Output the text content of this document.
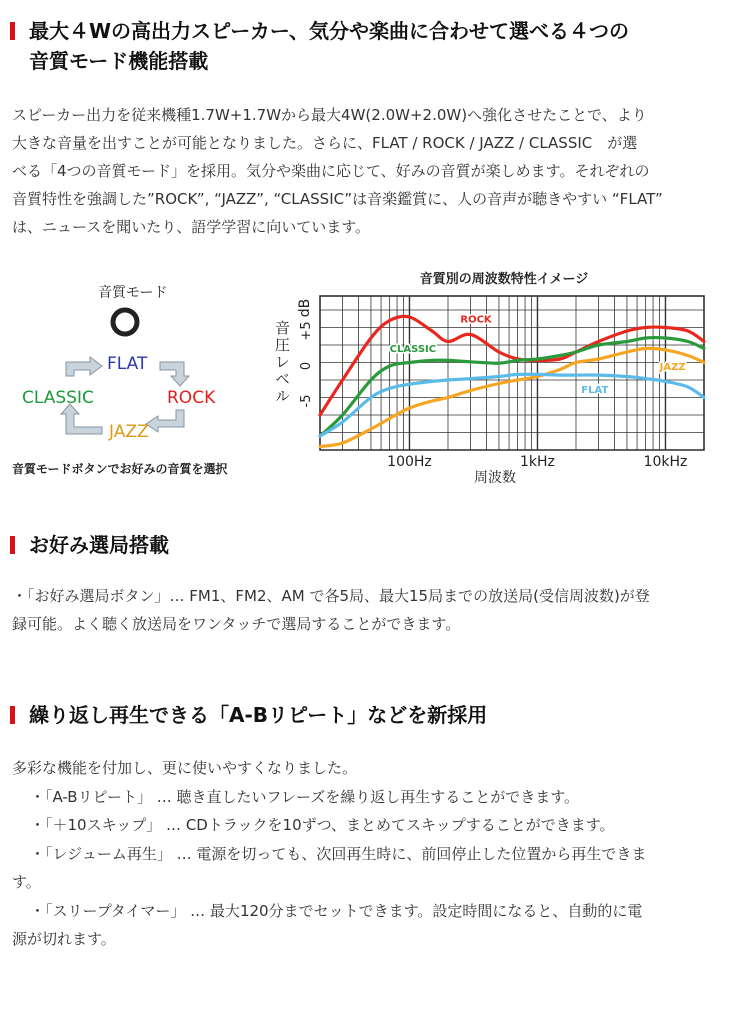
最大４Wの高出力スピーカー、気分や楽曲に合わせて選べる４つの
音質モード機能搭載

スピーカー出力を従来機種1.7W+1.7Wから最大4W(2.0W+2.0W)へ強化させたことで、より

大きな音量を出すことが可能となりました。さらに、FLAT / ROCK / JAZZ / CLASSIC　が選

べる「4つの音質モード」を採用。気分や楽曲に応じて、好みの音質が楽しめます。それぞれの

音質特性を強調した”ROCK”, “JAZZ”, “CLASSIC”は音楽鑑賞に、人の音声が聴きやすい “FLAT”

は、ニュースを聞いたり、語学学習に向いています。

音質モード
FLAT
ROCK
JAZZ
CLASSIC
音質モードボタンでお好みの音質を選択
音質別の周波数特性イメージ
ROCK
CLASSIC
JAZZ
FLAT
+5
0
-5
100Hz	1kHz	10kHz
dB
音圧レベル
周波数
お好み選局搭載

・「お好み選局ボタン」… FM1、FM2、AM で各5局、最大15局までの放送局(受信周波数)が登

録可能。よく聴く放送局をワンタッチで選局することができます。

繰り返し再生できる「A-Bリピート」などを新採用

多彩な機能を付加し、更に使いやすくなりました。

・「A-Bリピート」 … 聴き直したいフレーズを繰り返し再生することができます。

・「＋10スキップ」 … CDトラックを10ずつ、まとめてスキップすることができます。

・「レジューム再生」 … 電源を切っても、次回再生時に、前回停止した位置から再生できま

す。

・「スリープタイマー」 … 最大120分までセットできます。設定時間になると、自動的に電

源が切れます。
